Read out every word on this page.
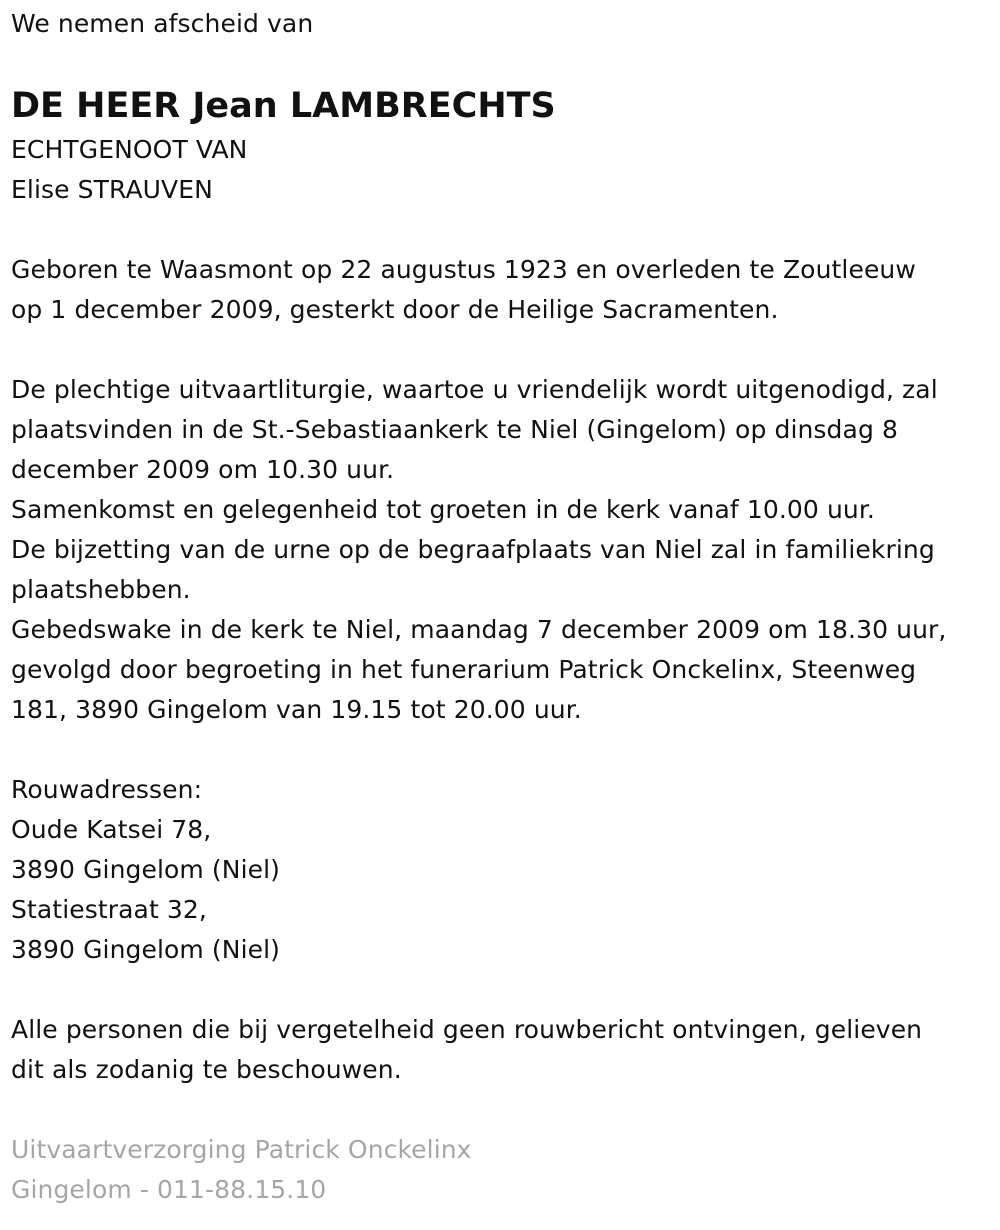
We nemen afscheid van
DE HEER Jean LAMBRECHTS
ECHTGENOOT VAN
Elise STRAUVEN
Geboren te Waasmont op 22 augustus 1923 en overleden te Zoutleeuw
op 1 december 2009, gesterkt door de Heilige Sacramenten.
De plechtige uitvaartliturgie, waartoe u vriendelijk wordt uitgenodigd, zal
plaatsvinden in de St.-Sebastiaankerk te Niel (Gingelom) op dinsdag 8
december 2009 om 10.30 uur.
Samenkomst en gelegenheid tot groeten in de kerk vanaf 10.00 uur.
De bijzetting van de urne op de begraafplaats van Niel zal in familiekring
plaatshebben.
Gebedswake in de kerk te Niel, maandag 7 december 2009 om 18.30 uur,
gevolgd door begroeting in het funerarium Patrick Onckelinx, Steenweg
181, 3890 Gingelom van 19.15 tot 20.00 uur.
Rouwadressen:
Oude Katsei 78,
3890 Gingelom (Niel)
Statiestraat 32,
3890 Gingelom (Niel)
Alle personen die bij vergetelheid geen rouwbericht ontvingen, gelieven
dit als zodanig te beschouwen.
Uitvaartverzorging Patrick Onckelinx
Gingelom - 011-88.15.10
